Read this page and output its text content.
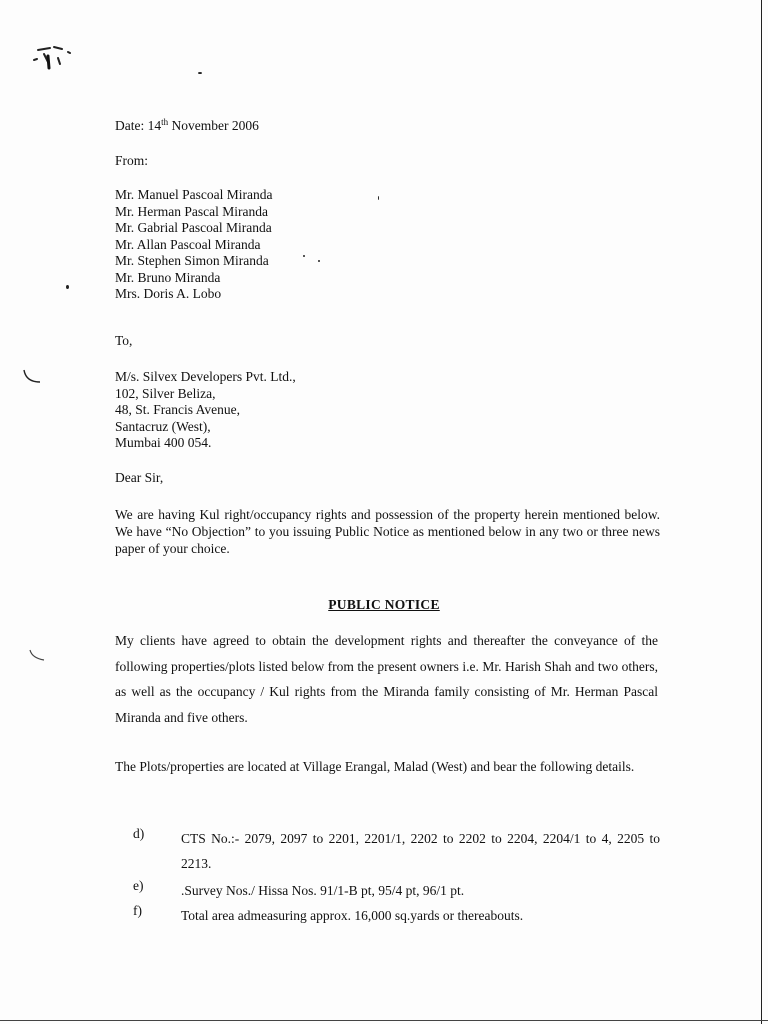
Date: 14th November 2006
From:
Mr. Manuel Pascoal Miranda
Mr. Herman Pascal Miranda
Mr. Gabrial Pascoal Miranda
Mr. Allan Pascoal Miranda
Mr. Stephen Simon Miranda
Mr. Bruno Miranda
Mrs. Doris A. Lobo
To,
M/s. Silvex Developers Pvt. Ltd.,
102, Silver Beliza,
48, St. Francis Avenue,
Santacruz (West),
Mumbai 400 054.
Dear Sir,
We are having Kul right/occupancy rights and possession of the property herein mentioned below. We have “No Objection” to you issuing Public Notice as mentioned below in any two or three news paper of your choice.
PUBLIC NOTICE
My clients have agreed to obtain the development rights and thereafter the conveyance of the following properties/plots listed below from the present owners i.e. Mr. Harish Shah and two others, as well as the occupancy / Kul rights from the Miranda family consisting of Mr. Herman Pascal Miranda and five others.
The Plots/properties are located at Village Erangal, Malad (West) and bear the following details.
d)	CTS No.:- 2079, 2097 to 2201, 2201/1, 2202 to 2202 to 2204, 2204/1 to 4, 2205 to 2213.
e)	.Survey Nos./ Hissa Nos. 91/1-B pt, 95/4 pt, 96/1 pt.
f)	Total area admeasuring approx. 16,000 sq.yards or thereabouts.
